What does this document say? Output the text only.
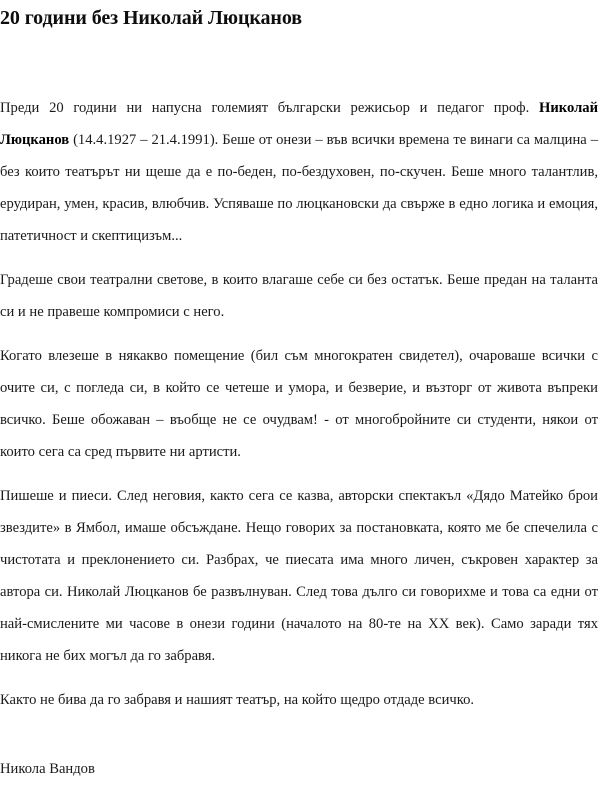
20 години без Николай Люцканов

Преди 20 години ни напусна големият български режисьор и педагог проф. Николай Люцканов (14.4.1927 – 21.4.1991). Беше от онези – във всички времена те винаги са малцина – без които театърът ни щеше да е по-беден, по-бездуховен, по-скучен. Беше много талантлив, ерудиран, умен, красив, влюбчив. Успяваше по люцкановски да свърже в едно логика и емоция, патетичност и скептицизъм...

Градеше свои театрални светове, в които влагаше себе си без остатък. Беше предан на таланта си и не правеше компромиси с него.

Когато влезеше в някакво помещение (бил съм многократен свидетел), очароваше всички с очите си, с погледа си, в който се четеше и умора, и безверие, и възторг от живота въпреки всичко. Беше обожаван – въобще не се очудвам! - от многобройните си студенти, някои от които сега са сред първите ни артисти.

Пишеше и пиеси. След неговия, както сега се казва, авторски спектакъл «Дядо Матейко брои звездите» в Ямбол, имаше обсъждане. Нещо говорих за постановката, която ме бе спечелила с чистотата и преклонението си. Разбрах, че пиесата има много личен, съкровен характер за автора си. Николай Люцканов бе развълнуван. След това дълго си говорихме и това са едни от най-смислените ми часове в онези години (началото на 80-те на XX век). Само заради тях никога не бих могъл да го забравя.

Както не бива да го забравя и нашият театър, на който щедро отдаде всичко.

Никола Вандов
